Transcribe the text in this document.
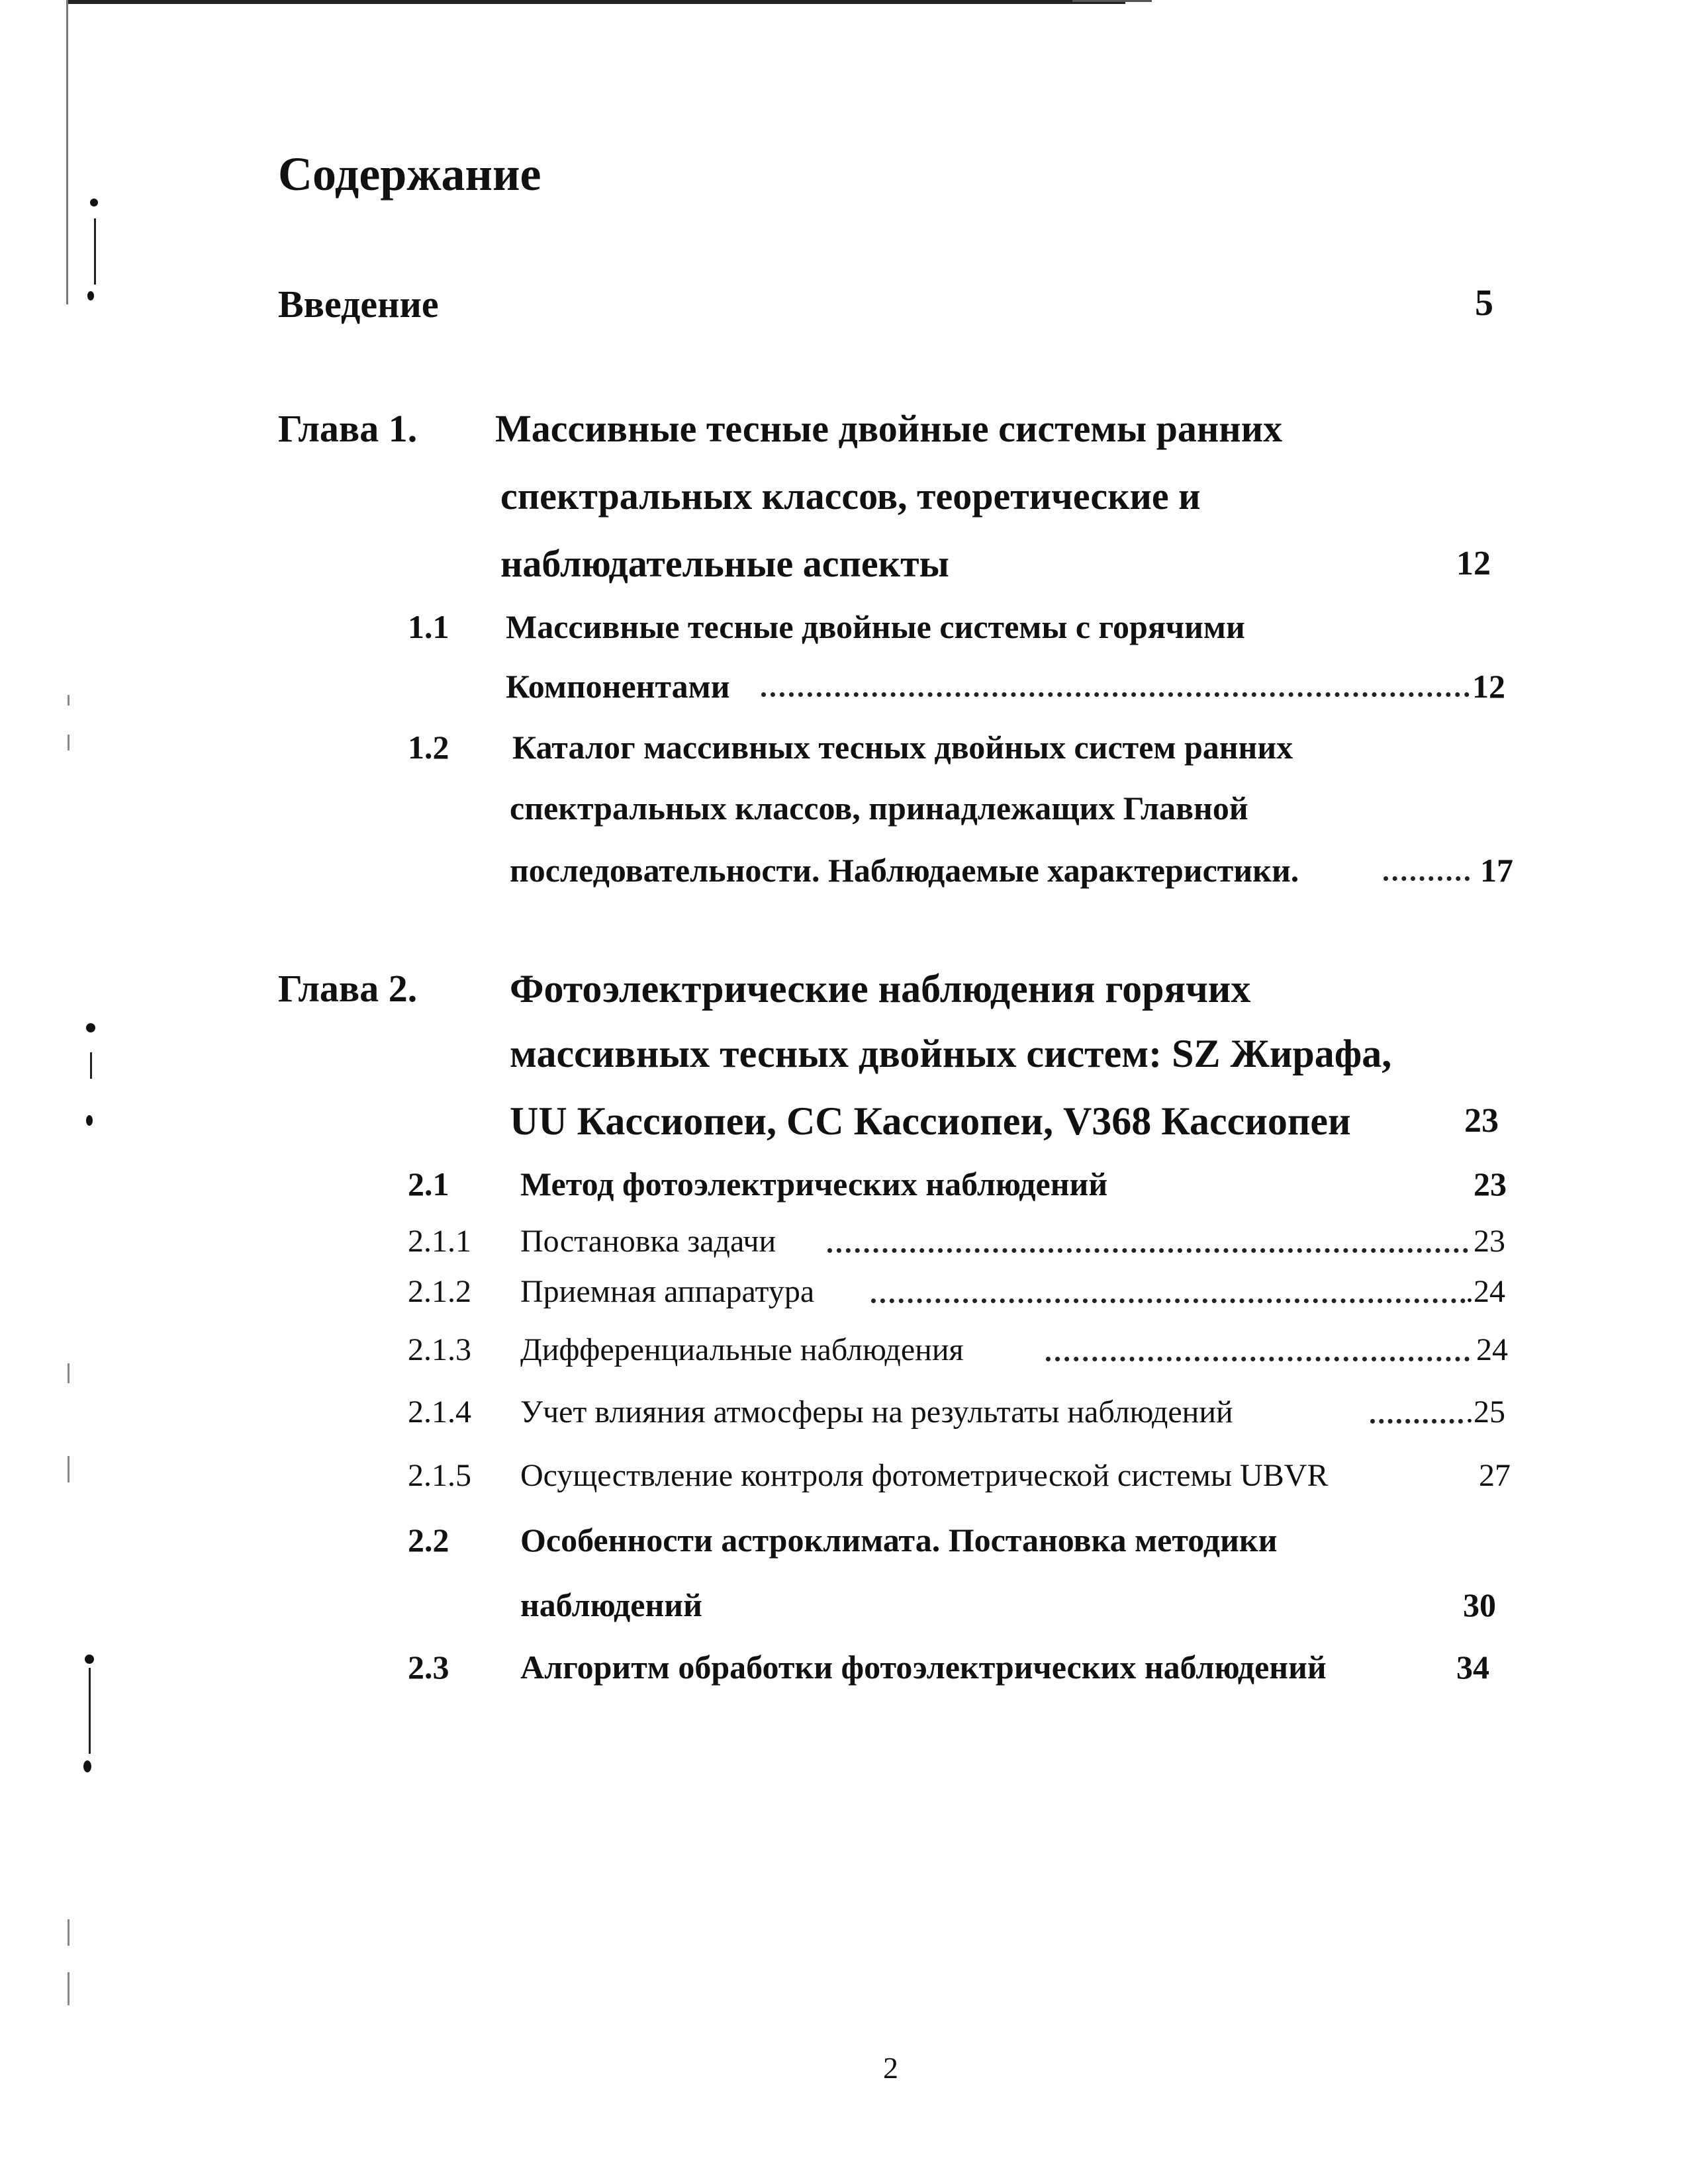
Содержание
Введение	5
Глава 1. Массивные тесные двойные системы ранних
спектральных классов, теоретические и
наблюдательные аспекты	12
1.1 Массивные тесные двойные системы с горячими
Компонентами	12
1.2 Каталог массивных тесных двойных систем ранних
спектральных классов, принадлежащих Главной
последовательности. Наблюдаемые характеристики.	17
Глава 2. Фотоэлектрические наблюдения горячих
массивных тесных двойных систем: SZ Жирафа,
UU Кассиопеи, CC Кассиопеи, V368 Кассиопеи	23
2.1 Метод фотоэлектрических наблюдений	23
2.1.1 Постановка задачи	23
2.1.2 Приемная аппаратура	.24
2.1.3 Дифференциальные наблюдения	24
2.1.4 Учет влияния атмосферы на результаты наблюдений	.25
2.1.5 Осуществление контроля фотометрической системы UBVR	27
2.2 Особенности астроклимата. Постановка методики
наблюдений	30
2.3 Алгоритм обработки фотоэлектрических наблюдений	34
2
